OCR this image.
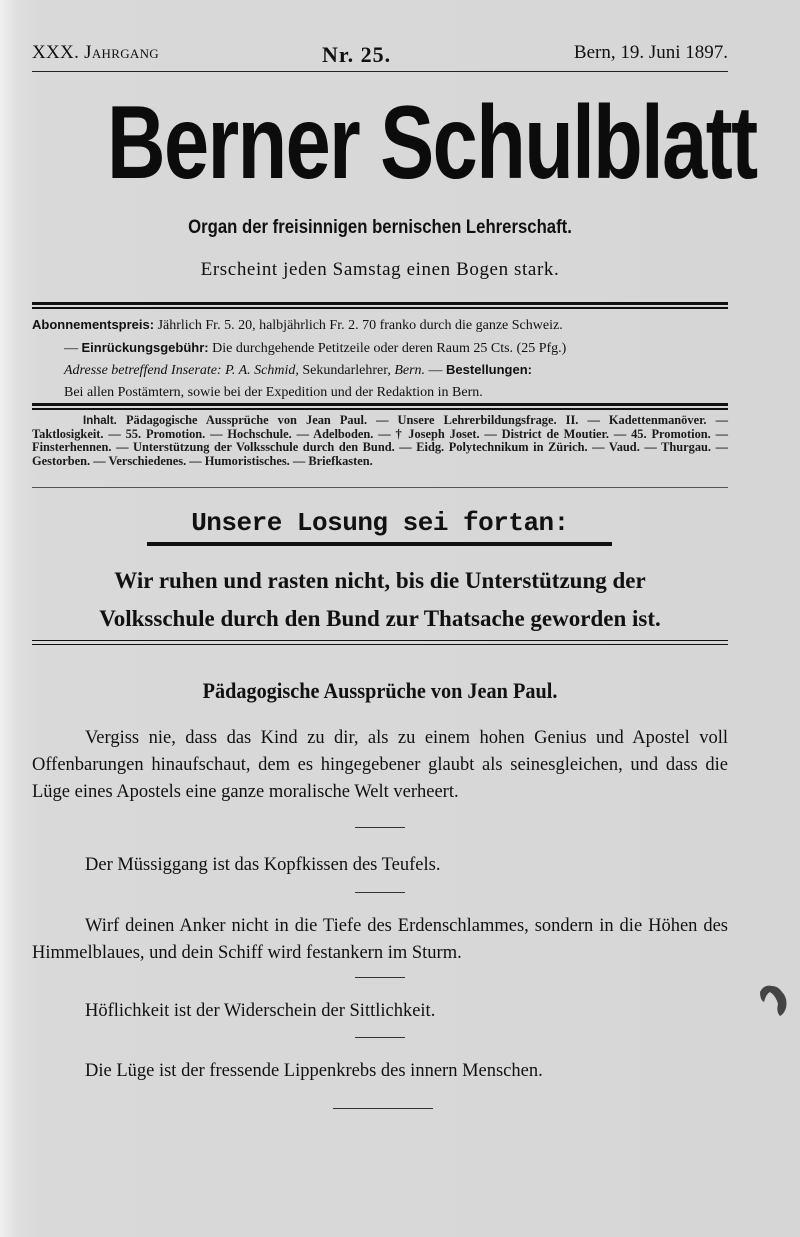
XXX. Jahrgang	Nr. 25.	Bern, 19. Juni 1897.
Berner Schulblatt
Organ der freisinnigen bernischen Lehrerschaft.
Erscheint jeden Samstag einen Bogen stark.
Abonnementspreis: Jährlich Fr. 5. 20, halbjährlich Fr. 2. 70 franko durch die ganze Schweiz.
— Einrückungsgebühr: Die durchgehende Petitzeile oder deren Raum 25 Cts. (25 Pfg.)
Adresse betreffend Inserate: P. A. Schmid, Sekundarlehrer, Bern. — Bestellungen:
Bei allen Postämtern, sowie bei der Expedition und der Redaktion in Bern.

Inhalt. Pädagogische Aussprüche von Jean Paul. — Unsere Lehrerbildungsfrage. II. — Kadettenmanöver. — Taktlosigkeit. — 55. Promotion. — Hochschule. — Adelboden. — † Joseph Joset. — District de Moutier. — 45. Promotion. — Finsterhennen. — Unterstützung der Volksschule durch den Bund. — Eidg. Polytechnikum in Zürich. — Vaud. — Thurgau. — Gestorben. — Verschiedenes. — Humoristisches. — Briefkasten.

Unsere Losung sei fortan:
Wir ruhen und rasten nicht, bis die Unterstützung der
Volksschule durch den Bund zur Thatsache geworden ist.
Pädagogische Aussprüche von Jean Paul.

Vergiss nie, dass das Kind zu dir, als zu einem hohen Genius und Apostel voll Offenbarungen hinaufschaut, dem es hingegebener glaubt als seinesgleichen, und dass die Lüge eines Apostels eine ganze moralische Welt verheert.

Der Müssiggang ist das Kopfkissen des Teufels.

Wirf deinen Anker nicht in die Tiefe des Erdenschlammes, sondern in die Höhen des Himmelblaues, und dein Schiff wird festankern im Sturm.

Höflichkeit ist der Widerschein der Sittlichkeit.

Die Lüge ist der fressende Lippenkrebs des innern Menschen.
